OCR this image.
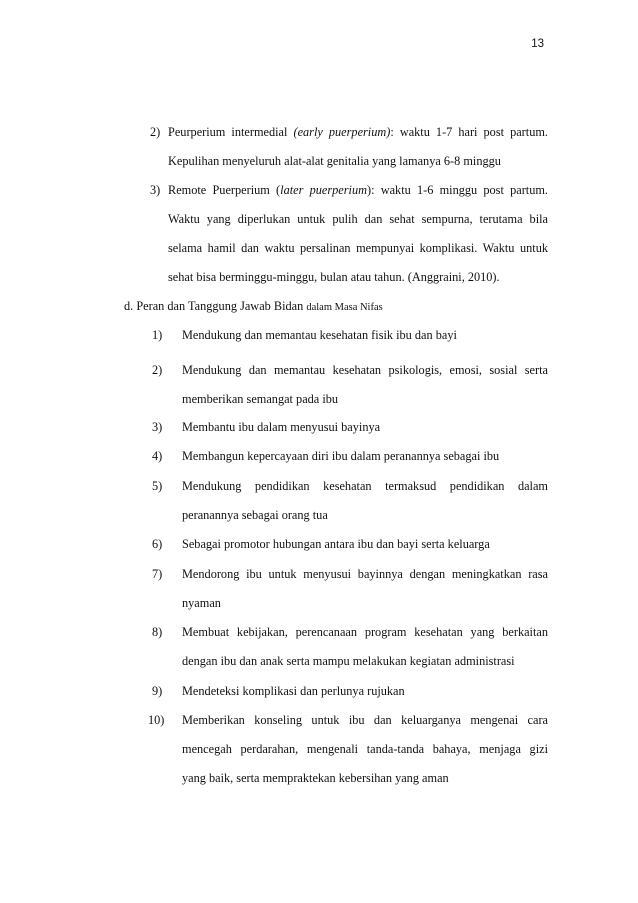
13
2) Peurperium intermedial (early puerperium): waktu 1-7 hari post partum.
Kepulihan menyeluruh alat-alat genitalia yang lamanya 6-8 minggu
3) Remote Puerperium (later puerperium): waktu 1-6 minggu post partum.
Waktu yang diperlukan untuk pulih dan sehat sempurna, terutama bila
selama hamil dan waktu persalinan mempunyai komplikasi. Waktu untuk
sehat bisa berminggu-minggu, bulan atau tahun. (Anggraini, 2010).
d. Peran dan Tanggung Jawab Bidan dalam Masa Nifas
1) Mendukung dan memantau kesehatan fisik ibu dan bayi
2) Mendukung dan memantau kesehatan psikologis, emosi, sosial serta
memberikan semangat pada ibu
3) Membantu ibu dalam menyusui bayinya
4) Membangun kepercayaan diri ibu dalam peranannya sebagai ibu
5) Mendukung pendidikan kesehatan termaksud pendidikan dalam
peranannya sebagai orang tua
6) Sebagai promotor hubungan antara ibu dan bayi serta keluarga
7) Mendorong ibu untuk menyusui bayinnya dengan meningkatkan rasa
nyaman
8) Membuat kebijakan, perencanaan program kesehatan yang berkaitan
dengan ibu dan anak serta mampu melakukan kegiatan administrasi
9) Mendeteksi komplikasi dan perlunya rujukan
10) Memberikan konseling untuk ibu dan keluarganya mengenai cara
mencegah perdarahan, mengenali tanda-tanda bahaya, menjaga gizi
yang baik, serta mempraktekan kebersihan yang aman
